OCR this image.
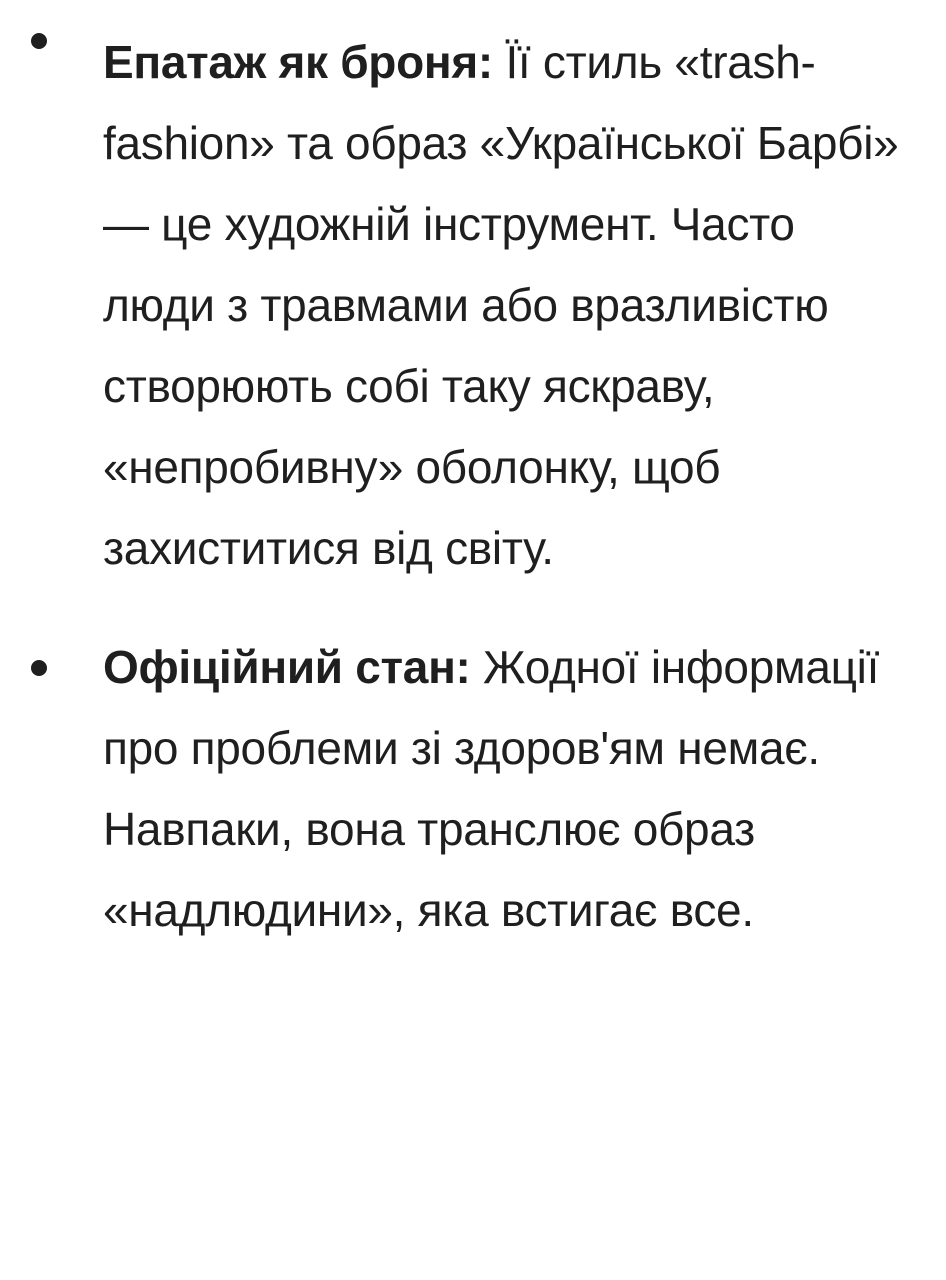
Епатаж як броня: Її стиль «trash-fashion» та образ «Української Барбі» — це художній інструмент. Часто люди з травмами або вразливістю створюють собі таку яскраву, «непробивну» оболонку, щоб захиститися від світу.
Офіційний стан: Жодної інформації про проблеми зі здоров'ям немає. Навпаки, вона транслює образ «надлюдини», яка встигає все.
